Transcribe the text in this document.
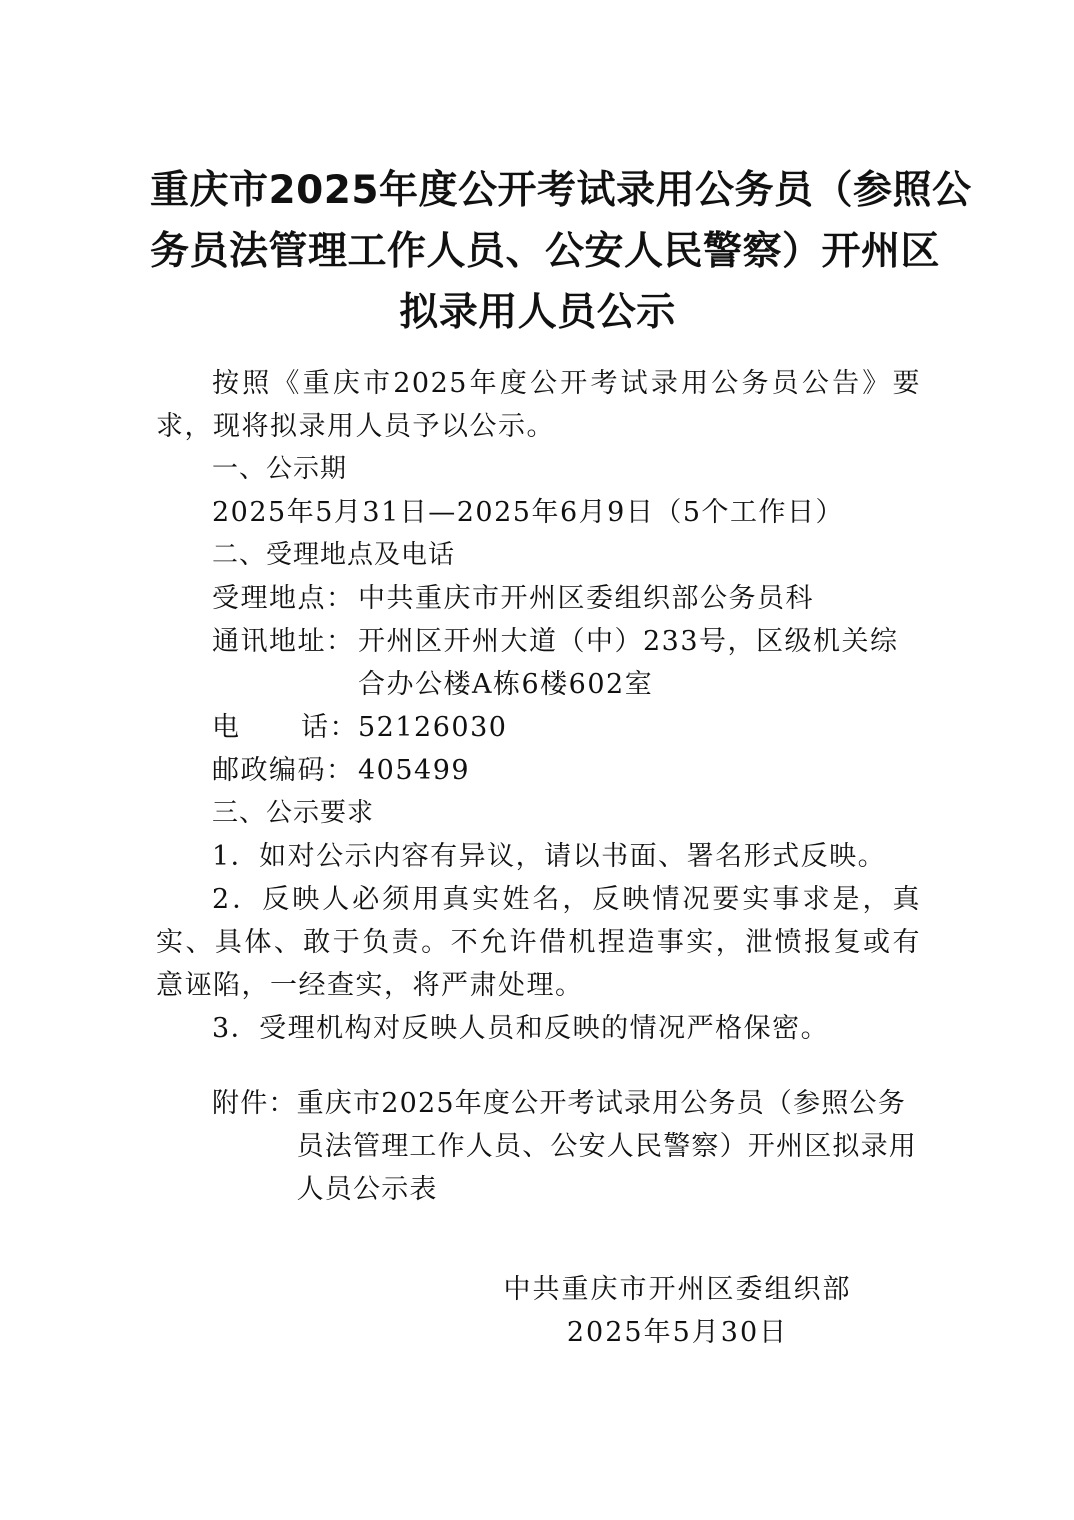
重庆市2025年度公开考试录用公务员（参照公
务员法管理工作人员、公安人民警察）开州区
拟录用人员公示
按照《重庆市2025年度公开考试录用公务员公告》要求，现将拟录用人员予以公示。
一、公示期
2025年5月31日—2025年6月9日（5个工作日）
二、受理地点及电话
受理地点： 中共重庆市开州区委组织部公务员科
通讯地址： 开州区开州大道（中）233号，区级机关综合办公楼A栋6楼602室
电 话： 52126030
邮政编码： 405499
三、公示要求
1．如对公示内容有异议，请以书面、署名形式反映。
2．反映人必须用真实姓名，反映情况要实事求是，真实、具体、敢于负责。不允许借机捏造事实，泄愤报复或有意诬陷，一经查实，将严肃处理。
3．受理机构对反映人员和反映的情况严格保密。
附件： 重庆市2025年度公开考试录用公务员（参照公务员法管理工作人员、公安人民警察）开州区拟录用人员公示表
中共重庆市开州区委组织部
2025年5月30日
